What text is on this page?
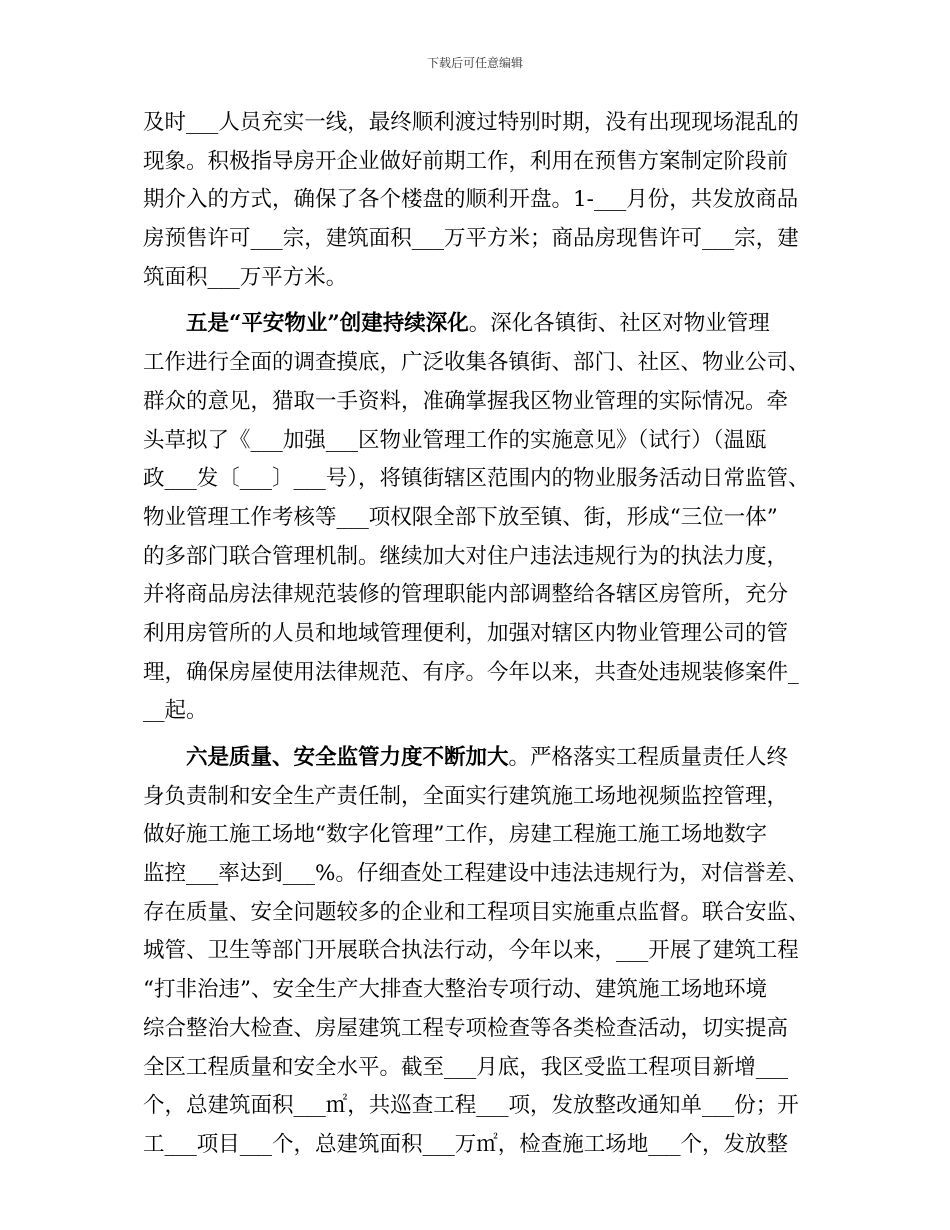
下载后可任意编辑
及时___人员充实一线，最终顺利渡过特别时期，没有出现现场混乱的
现象。积极指导房开企业做好前期工作，利用在预售方案制定阶段前
期介入的方式，确保了各个楼盘的顺利开盘。1-___月份，共发放商品
房预售许可___宗，建筑面积___万平方米；商品房现售许可___宗，建
筑面积___万平方米。
五是“平安物业”创建持续深化。深化各镇街、社区对物业管理
工作进行全面的调查摸底，广泛收集各镇街、部门、社区、物业公司、
群众的意见，猎取一手资料，准确掌握我区物业管理的实际情况。牵
头草拟了《___加强___区物业管理工作的实施意见》（试行）（温瓯
政___发〔___〕___号），将镇街辖区范围内的物业服务活动日常监管、
物业管理工作考核等___项权限全部下放至镇、街，形成“三位一体”
的多部门联合管理机制。继续加大对住户违法违规行为的执法力度，
并将商品房法律规范装修的管理职能内部调整给各辖区房管所，充分
利用房管所的人员和地域管理便利，加强对辖区内物业管理公司的管
理，确保房屋使用法律规范、有序。今年以来，共查处违规装修案件_
__起。
六是质量、安全监管力度不断加大。严格落实工程质量责任人终
身负责制和安全生产责任制，全面实行建筑施工场地视频监控管理，
做好施工施工场地“数字化管理”工作，房建工程施工施工场地数字
监控___率达到___%。仔细查处工程建设中违法违规行为，对信誉差、
存在质量、安全问题较多的企业和工程项目实施重点监督。联合安监、
城管、卫生等部门开展联合执法行动，今年以来，___开展了建筑工程
“打非治违”、安全生产大排查大整治专项行动、建筑施工场地环境
综合整治大检查、房屋建筑工程专项检查等各类检查活动，切实提高
全区工程质量和安全水平。截至___月底，我区受监工程项目新增___
个，总建筑面积___㎡，共巡查工程___项，发放整改通知单___份；开
工___项目___个，总建筑面积___万㎡，检查施工场地___个，发放整
